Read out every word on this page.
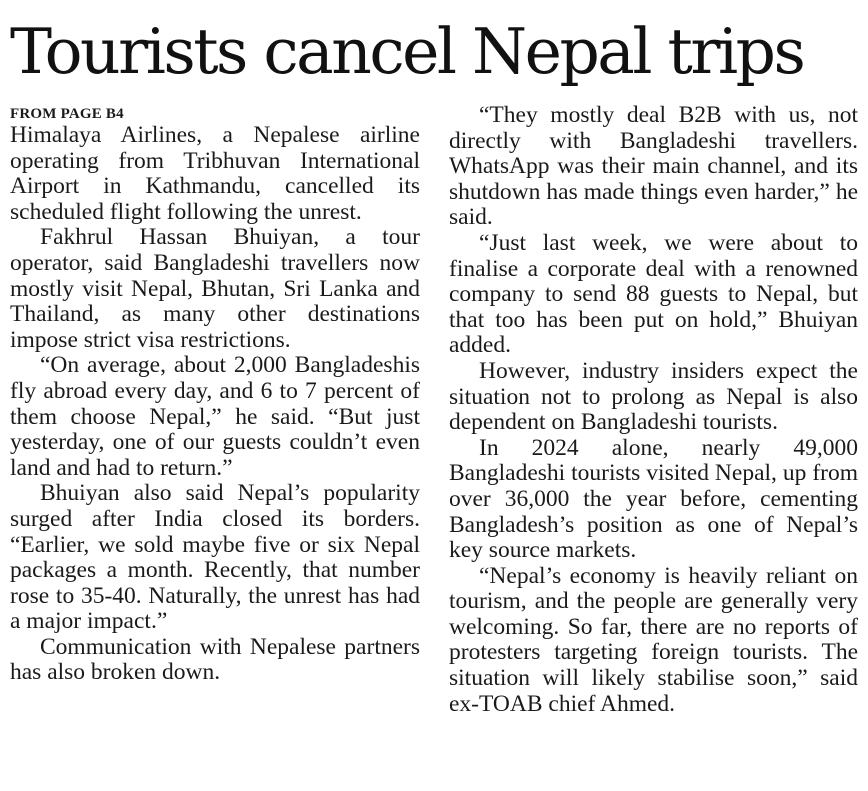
Tourists cancel Nepal trips
FROM PAGE B4

Himalaya Airlines, a Nepalese airline operating from Tribhuvan International Airport in Kathmandu, cancelled its scheduled flight following the unrest.

Fakhrul Hassan Bhuiyan, a tour operator, said Bangladeshi travellers now mostly visit Nepal, Bhutan, Sri Lanka and Thailand, as many other destinations impose strict visa restrictions.

“On average, about 2,000 Bangladeshis fly abroad every day, and 6 to 7 percent of them choose Nepal,” he said. “But just yesterday, one of our guests couldn’t even land and had to return.”

Bhuiyan also said Nepal’s popularity surged after India closed its borders. “Earlier, we sold maybe five or six Nepal packages a month. Recently, that number rose to 35-40. Naturally, the unrest has had a major impact.”

Communication with Nepalese partners has also broken down.

“They mostly deal B2B with us, not directly with Bangladeshi travellers. WhatsApp was their main channel, and its shutdown has made things even harder,” he said.

“Just last week, we were about to finalise a corporate deal with a renowned company to send 88 guests to Nepal, but that too has been put on hold,” Bhuiyan added.

However, industry insiders expect the situation not to prolong as Nepal is also dependent on Bangladeshi tourists.

In 2024 alone, nearly 49,000 Bangladeshi tourists visited Nepal, up from over 36,000 the year before, cementing Bangladesh’s position as one of Nepal’s key source markets.

“Nepal’s economy is heavily reliant on tourism, and the people are generally very welcoming. So far, there are no reports of protesters targeting foreign tourists. The situation will likely stabilise soon,” said ex-TOAB chief Ahmed.
